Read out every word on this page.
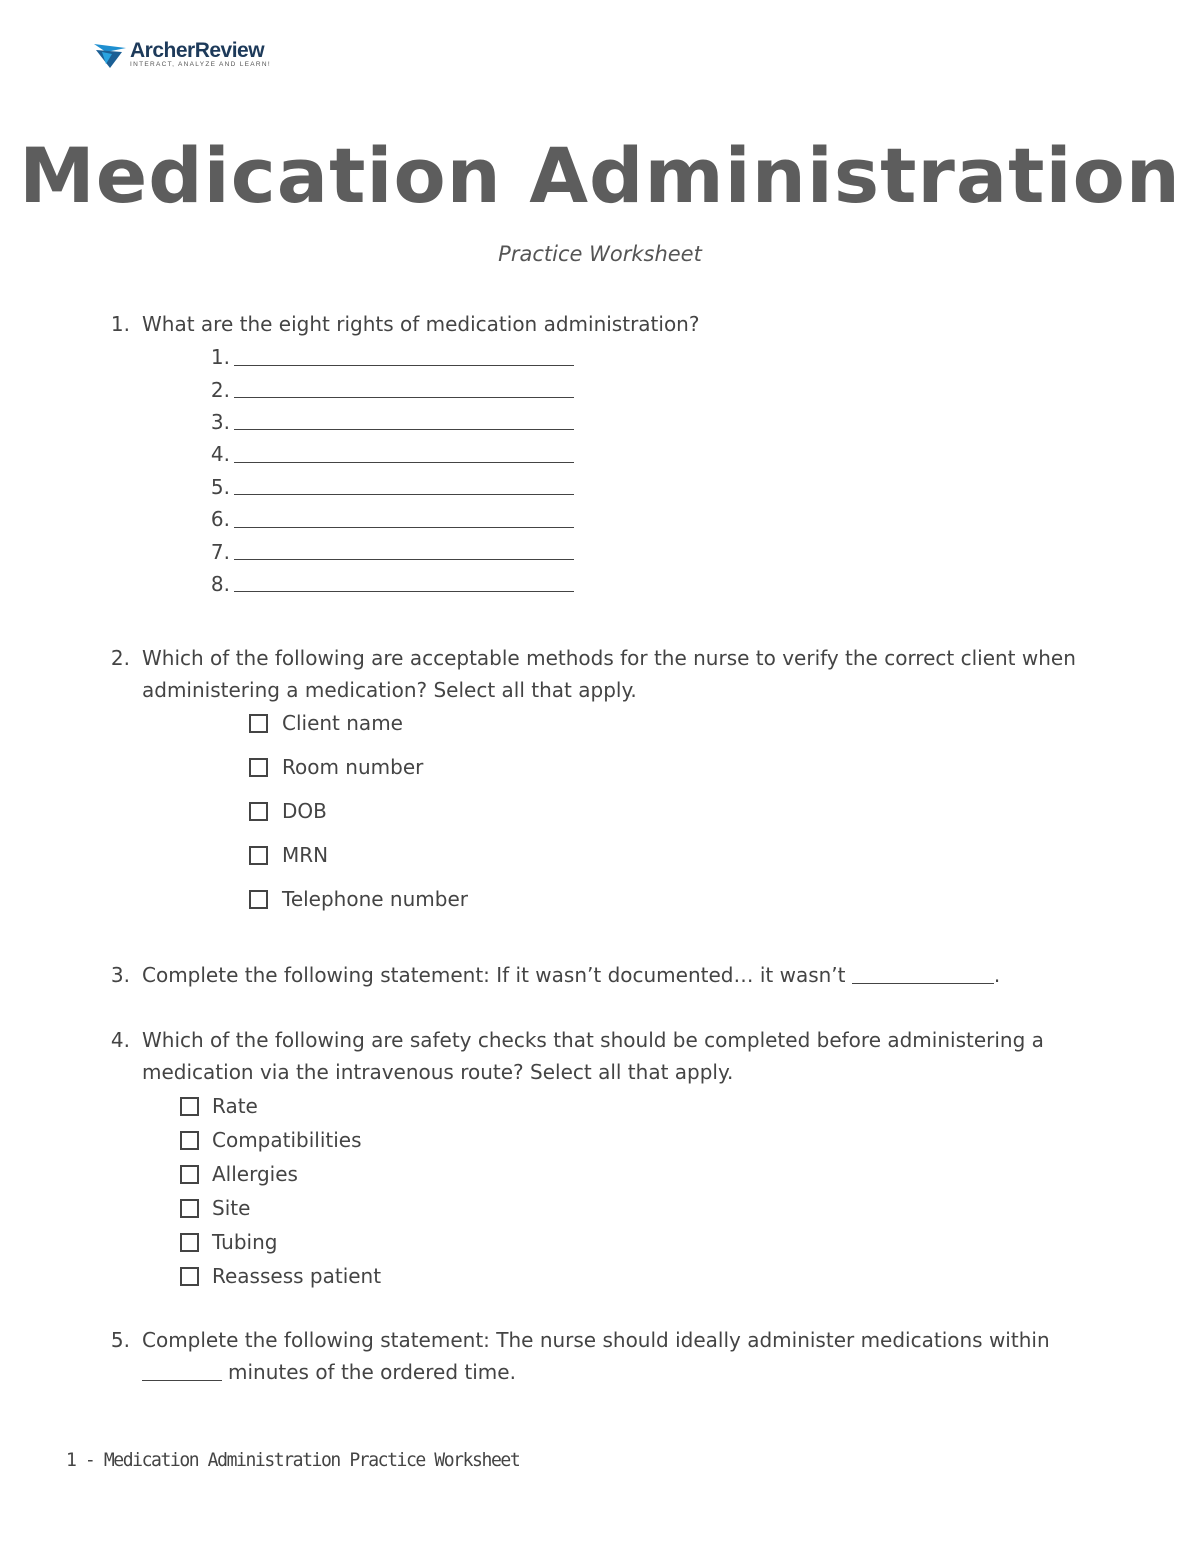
ArcherReview
INTERACT, ANALYZE AND LEARN!
Medication Administration
Practice Worksheet
1. What are the eight rights of medication administration?
1.
2.
3.
4.
5.
6.
7.
8.
2. Which of the following are acceptable methods for the nurse to verify the correct client when administering a medication? Select all that apply.
Client name
Room number
DOB
MRN
Telephone number
3. Complete the following statement: If it wasn’t documented… it wasn’t	.
4. Which of the following are safety checks that should be completed before administering a medication via the intravenous route? Select all that apply.
Rate
Compatibilities
Allergies
Site
Tubing
Reassess patient
5. Complete the following statement: The nurse should ideally administer medications within
minutes of the ordered time.
1 - Medication Administration Practice Worksheet
